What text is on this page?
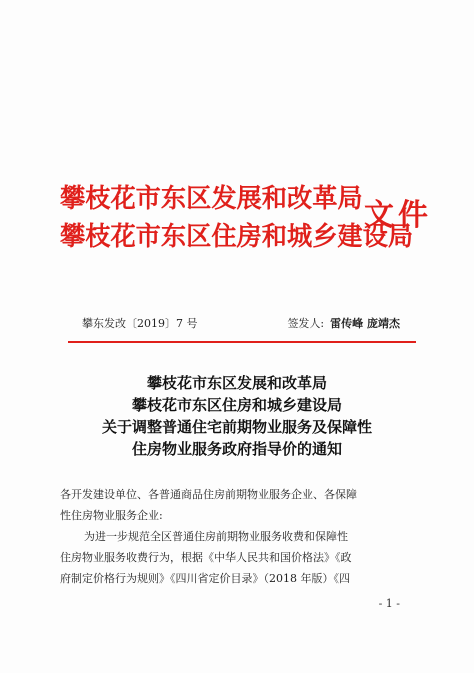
攀枝花市东区发展和改革局
攀枝花市东区住房和城乡建设局
文件
攀东发改〔2019〕7 号	签发人: 雷传峰 庞靖杰
攀枝花市东区发展和改革局
攀枝花市东区住房和城乡建设局
关于调整普通住宅前期物业服务及保障性
住房物业服务政府指导价的通知
各开发建设单位、各普通商品住房前期物业服务企业、各保障
性住房物业服务企业:
为进一步规范全区普通住房前期物业服务收费和保障性
住房物业服务收费行为，根据《中华人民共和国价格法》《政
府制定价格行为规则》《四川省定价目录》（2018 年版）《四
- 1 -
